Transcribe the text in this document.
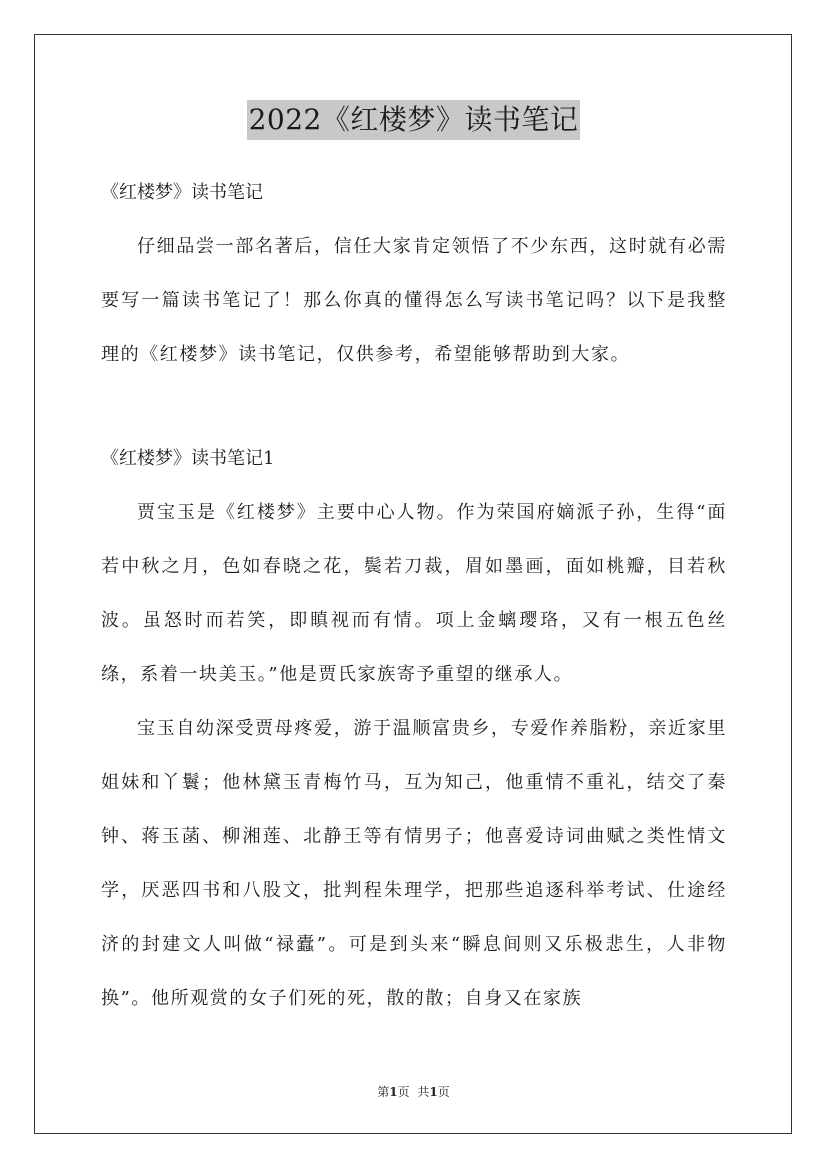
2022《红楼梦》读书笔记

《红楼梦》读书笔记

仔细品尝一部名著后，信任大家肯定领悟了不少东西，这时就有必需要写一篇读书笔记了！那么你真的懂得怎么写读书笔记吗？以下是我整理的《红楼梦》读书笔记，仅供参考，希望能够帮助到大家。

《红楼梦》读书笔记1

贾宝玉是《红楼梦》主要中心人物。作为荣国府嫡派子孙，生得“面若中秋之月，色如春晓之花，鬓若刀裁，眉如墨画，面如桃瓣，目若秋波。虽怒时而若笑，即瞋视而有情。项上金螭璎珞，又有一根五色丝绦，系着一块美玉。”他是贾氏家族寄予重望的继承人。

宝玉自幼深受贾母疼爱，游于温顺富贵乡，专爱作养脂粉，亲近家里姐妹和丫鬟；他林黛玉青梅竹马，互为知己，他重情不重礼，结交了秦钟、蒋玉菡、柳湘莲、北静王等有情男子；他喜爱诗词曲赋之类性情文学，厌恶四书和八股文，批判程朱理学，把那些追逐科举考试、仕途经济的封建文人叫做“禄蠹”。可是到头来“瞬息间则又乐极悲生，人非物换”。他所观赏的女子们死的死，散的散；自身又在家族

第1页 共1页
